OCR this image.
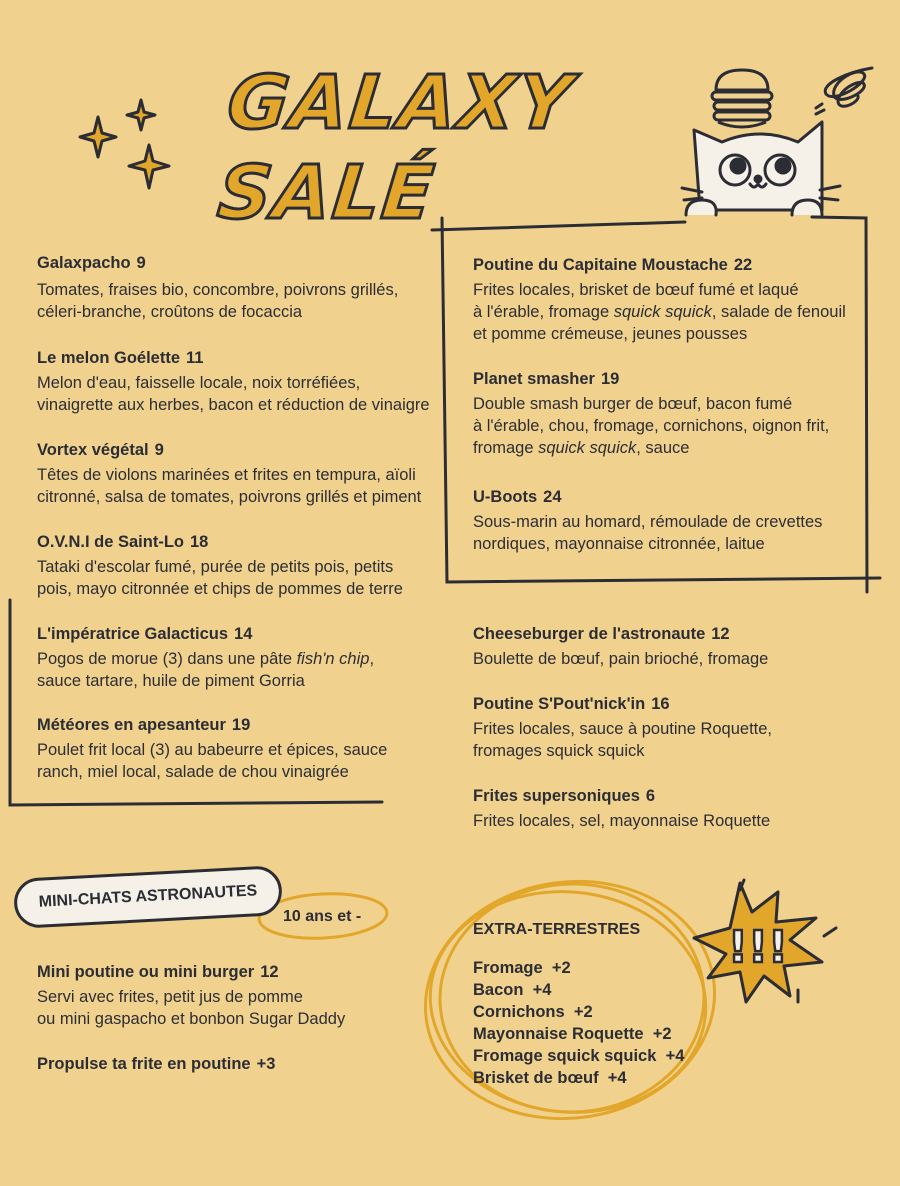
GALAXY SALÉ
Galaxpacho 9
Tomates, fraises bio, concombre, poivrons grillés,
céleri-branche, croûtons de focaccia
Le melon Goélette 11
Melon d'eau, faisselle locale, noix torréfiées,
vinaigrette aux herbes, bacon et réduction de vinaigre
Vortex végétal 9
Têtes de violons marinées et frites en tempura, aïoli
citronné, salsa de tomates, poivrons grillés et piment
O.V.N.I de Saint-Lo 18
Tataki d'escolar fumé, purée de petits pois, petits
pois, mayo citronnée et chips de pommes de terre
L'impératrice Galacticus 14
Pogos de morue (3) dans une pâte fish'n chip,
sauce tartare, huile de piment Gorria
Météores en apesanteur 19
Poulet frit local (3) au babeurre et épices, sauce
ranch, miel local, salade de chou vinaigrée
Poutine du Capitaine Moustache 22
Frites locales, brisket de bœuf fumé et laqué
à l'érable, fromage squick squick, salade de fenouil
et pomme crémeuse, jeunes pousses
Planet smasher 19
Double smash burger de bœuf, bacon fumé
à l'érable, chou, fromage, cornichons, oignon frit,
fromage squick squick, sauce
U-Boots 24
Sous-marin au homard, rémoulade de crevettes
nordiques, mayonnaise citronnée, laitue
Cheeseburger de l'astronaute 12
Boulette de bœuf, pain brioché, fromage
Poutine S'Pout'nick'in 16
Frites locales, sauce à poutine Roquette,
fromages squick squick
Frites supersoniques 6
Frites locales, sel, mayonnaise Roquette
MINI-CHATS ASTRONAUTES
10 ans et -
Mini poutine ou mini burger 12
Servi avec frites, petit jus de pomme
ou mini gaspacho et bonbon Sugar Daddy
Propulse ta frite en poutine +3
EXTRA-TERRESTRES
Fromage +2
Bacon +4
Cornichons +2
Mayonnaise Roquette +2
Fromage squick squick +4
Brisket de bœuf +4
!!!
